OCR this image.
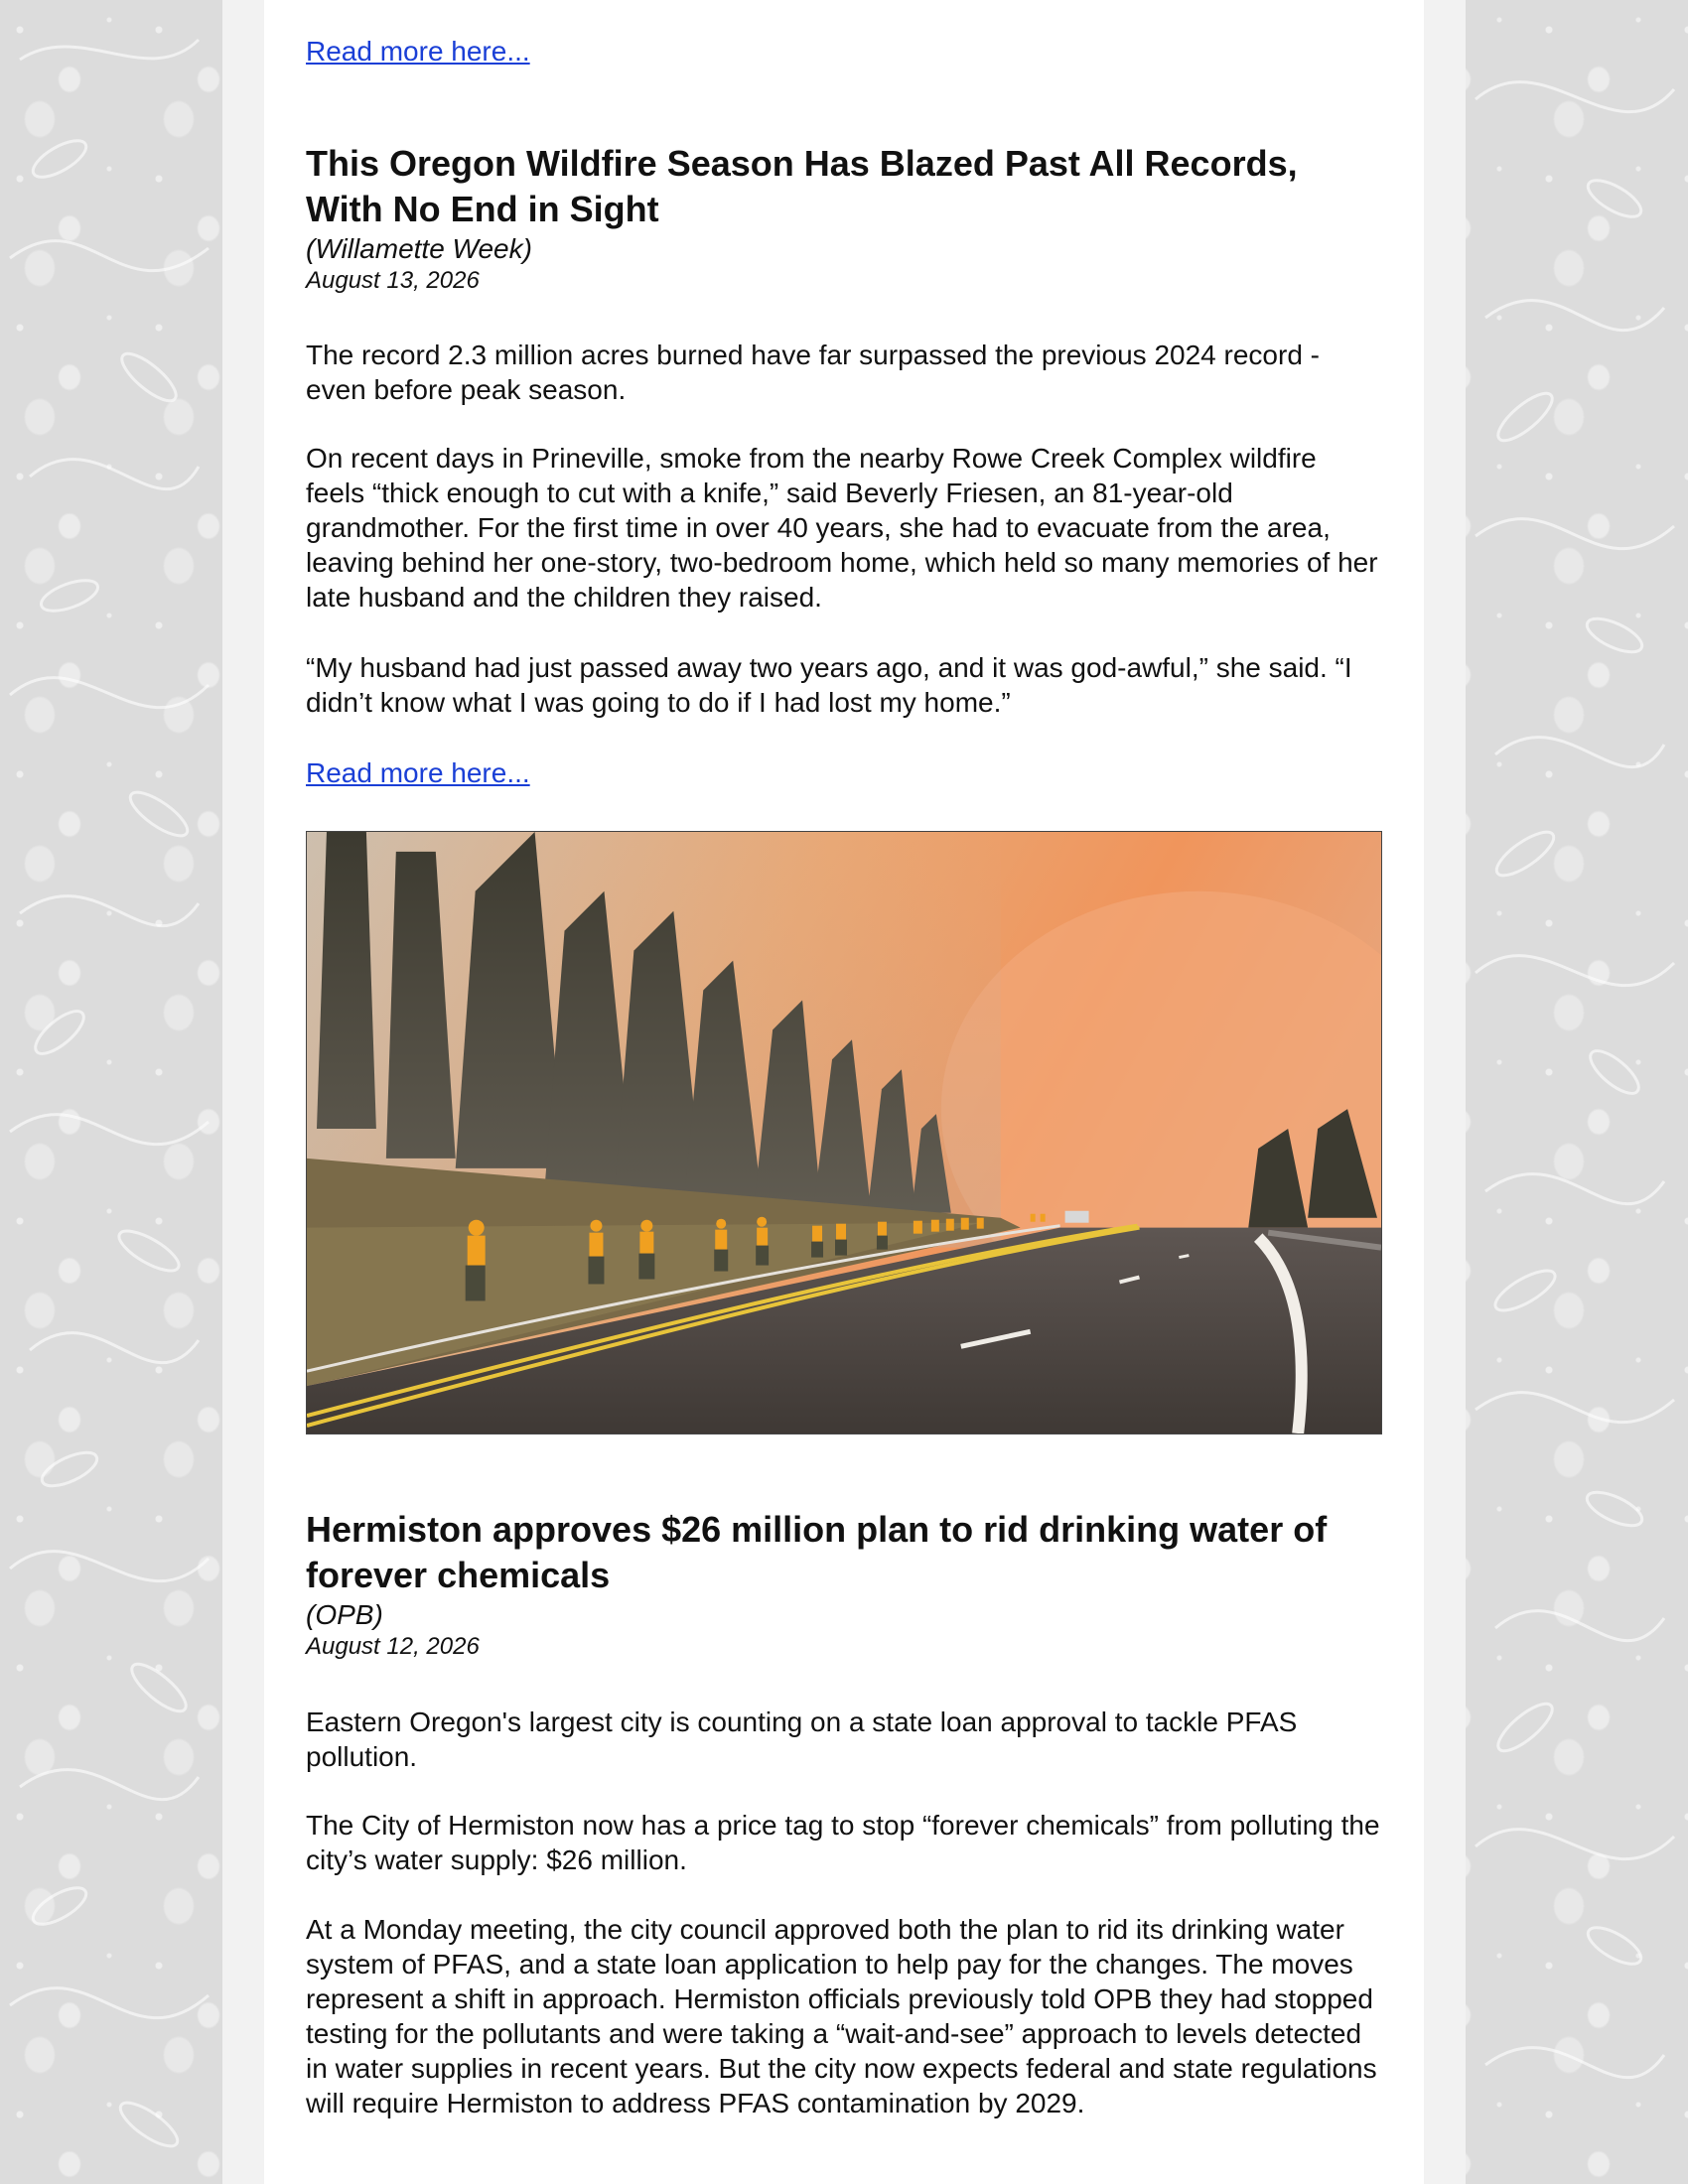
Read more here...
This Oregon Wildfire Season Has Blazed Past All Records,
With No End in Sight
(Willamette Week)
August 13, 2026

The record 2.3 million acres burned have far surpassed the previous 2024 record - even before peak season.

On recent days in Prineville, smoke from the nearby Rowe Creek Complex wildfire feels “thick enough to cut with a knife,” said Beverly Friesen, an 81-year-old grandmother. For the first time in over 40 years, she had to evacuate from the area, leaving behind her one-story, two-bedroom home, which held so many memories of her late husband and the children they raised.

“My husband had just passed away two years ago, and it was god-awful,” she said. “I didn’t know what I was going to do if I had lost my home.”

Read more here...
Hermiston approves $26 million plan to rid drinking water of
forever chemicals
(OPB)
August 12, 2026

Eastern Oregon's largest city is counting on a state loan approval to tackle PFAS pollution.

The City of Hermiston now has a price tag to stop “forever chemicals” from polluting the city’s water supply: $26 million.

At a Monday meeting, the city council approved both the plan to rid its drinking water system of PFAS, and a state loan application to help pay for the changes. The moves represent a shift in approach. Hermiston officials previously told OPB they had stopped testing for the pollutants and were taking a “wait-and-see” approach to levels detected in water supplies in recent years. But the city now expects federal and state regulations will require Hermiston to address PFAS contamination by 2029.
